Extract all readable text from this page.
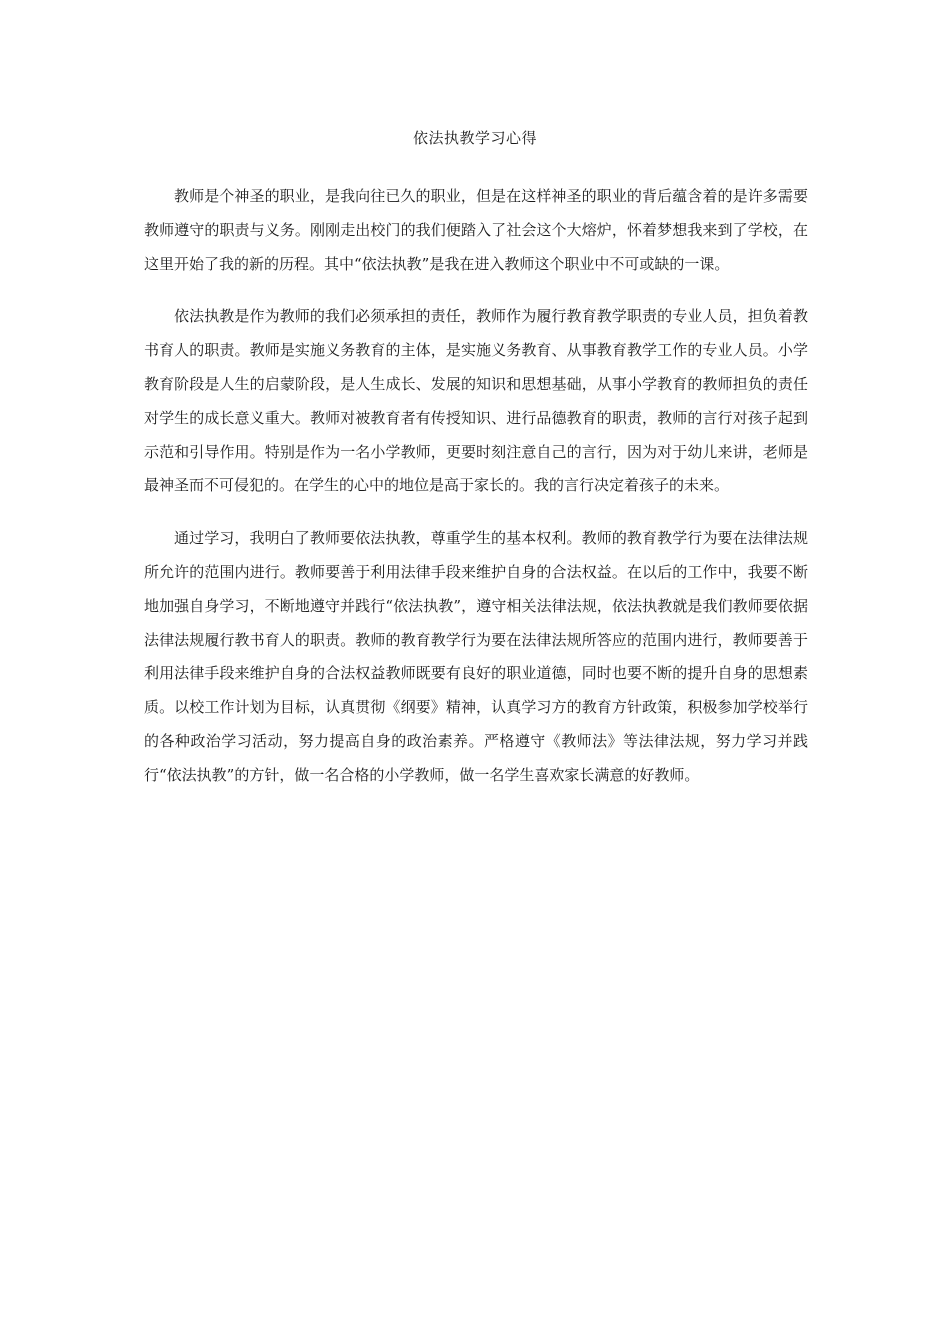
依法执教学习心得

教师是个神圣的职业，是我向往已久的职业，但是在这样神圣的职业的背后蕴含着的是许多需要教师遵守的职责与义务。刚刚走出校门的我们便踏入了社会这个大熔炉，怀着梦想我来到了学校，在这里开始了我的新的历程。其中“依法执教”是我在进入教师这个职业中不可或缺的一课。

依法执教是作为教师的我们必须承担的责任，教师作为履行教育教学职责的专业人员，担负着教书育人的职责。教师是实施义务教育的主体，是实施义务教育、从事教育教学工作的专业人员。小学教育阶段是人生的启蒙阶段，是人生成长、发展的知识和思想基础，从事小学教育的教师担负的责任对学生的成长意义重大。教师对被教育者有传授知识、进行品德教育的职责，教师的言行对孩子起到示范和引导作用。特别是作为一名小学教师，更要时刻注意自己的言行，因为对于幼儿来讲，老师是最神圣而不可侵犯的。在学生的心中的地位是高于家长的。我的言行决定着孩子的未来。

通过学习，我明白了教师要依法执教，尊重学生的基本权利。教师的教育教学行为要在法律法规所允许的范围内进行。教师要善于利用法律手段来维护自身的合法权益。在以后的工作中，我要不断地加强自身学习，不断地遵守并践行“依法执教”，遵守相关法律法规，依法执教就是我们教师要依据法律法规履行教书育人的职责。教师的教育教学行为要在法律法规所答应的范围内进行，教师要善于利用法律手段来维护自身的合法权益教师既要有良好的职业道德，同时也要不断的提升自身的思想素质。以校工作计划为目标，认真贯彻《纲要》精神，认真学习方的教育方针政策，积极参加学校举行的各种政治学习活动，努力提高自身的政治素养。严格遵守《教师法》等法律法规，努力学习并践行“依法执教”的方针，做一名合格的小学教师，做一名学生喜欢家长满意的好教师。
